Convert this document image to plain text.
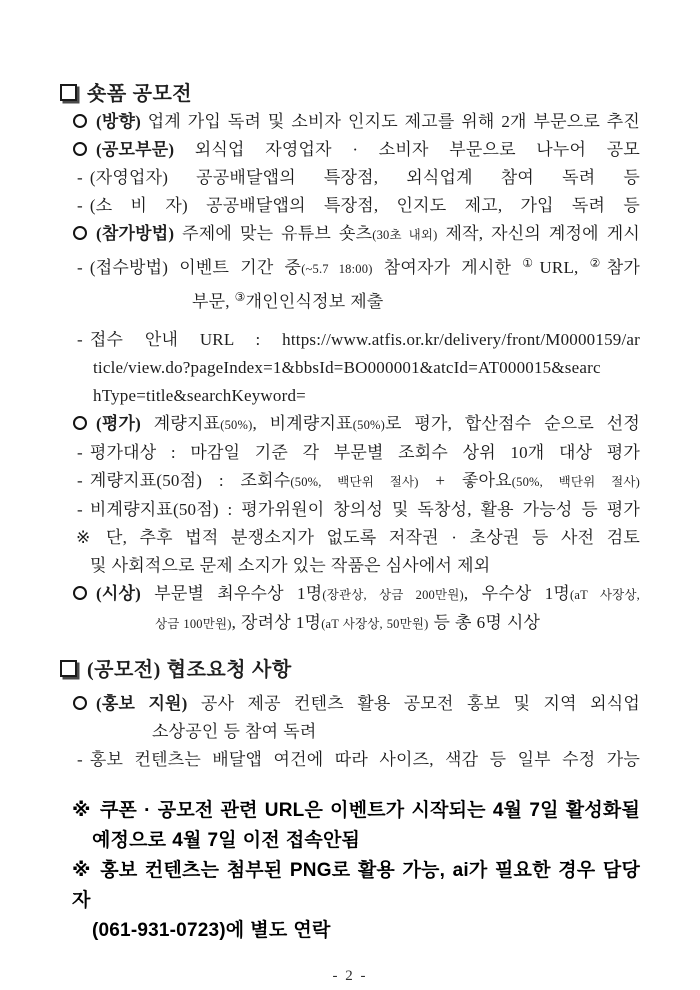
숏폼 공모전
(방향) 업계 가입 독려 및 소비자 인지도 제고를 위해 2개 부문으로 추진
(공모부문) 외식업 자영업자 · 소비자 부문으로 나누어 공모
- (자영업자) 공공배달앱의 특장점, 외식업계 참여 독려 등
- (소 비 자) 공공배달앱의 특장점, 인지도 제고, 가입 독려 등
(참가방법) 주제에 맞는 유튜브 숏츠(30초 내외) 제작, 자신의 계정에 게시
- (접수방법) 이벤트 기간 중(~5.7 18:00) 참여자가 게시한 ①URL, ②참가
부문, ③개인인식정보 제출
- 접수 안내 URL : https://www.atfis.or.kr/delivery/front/M0000159/ar
ticle/view.do?pageIndex=1&bbsId=BO000001&atcId=AT000015&searc
hType=title&searchKeyword=
(평가) 계량지표(50%), 비계량지표(50%)로 평가, 합산점수 순으로 선정
- 평가대상 : 마감일 기준 각 부문별 조회수 상위 10개 대상 평가
- 계량지표(50점) : 조회수(50%, 백단위 절사) + 좋아요(50%, 백단위 절사)
- 비계량지표(50점) : 평가위원이 창의성 및 독창성, 활용 가능성 등 평가
※ 단, 추후 법적 분쟁소지가 없도록 저작권 · 초상권 등 사전 검토
및 사회적으로 문제 소지가 있는 작품은 심사에서 제외
(시상) 부문별 최우수상 1명(장관상, 상금 200만원), 우수상 1명(aT 사장상,
상금 100만원), 장려상 1명(aT 사장상, 50만원) 등 총 6명 시상
(공모전) 협조요청 사항
(홍보 지원) 공사 제공 컨텐츠 활용 공모전 홍보 및 지역 외식업
소상공인 등 참여 독려
- 홍보 컨텐츠는 배달앱 여건에 따라 사이즈, 색감 등 일부 수정 가능
※ 쿠폰 · 공모전 관련 URL은 이벤트가 시작되는 4월 7일 활성화될
예정으로 4월 7일 이전 접속안됨
※ 홍보 컨텐츠는 첨부된 PNG로 활용 가능, ai가 필요한 경우 담당자
(061-931-0723)에 별도 연락
- 2 -
